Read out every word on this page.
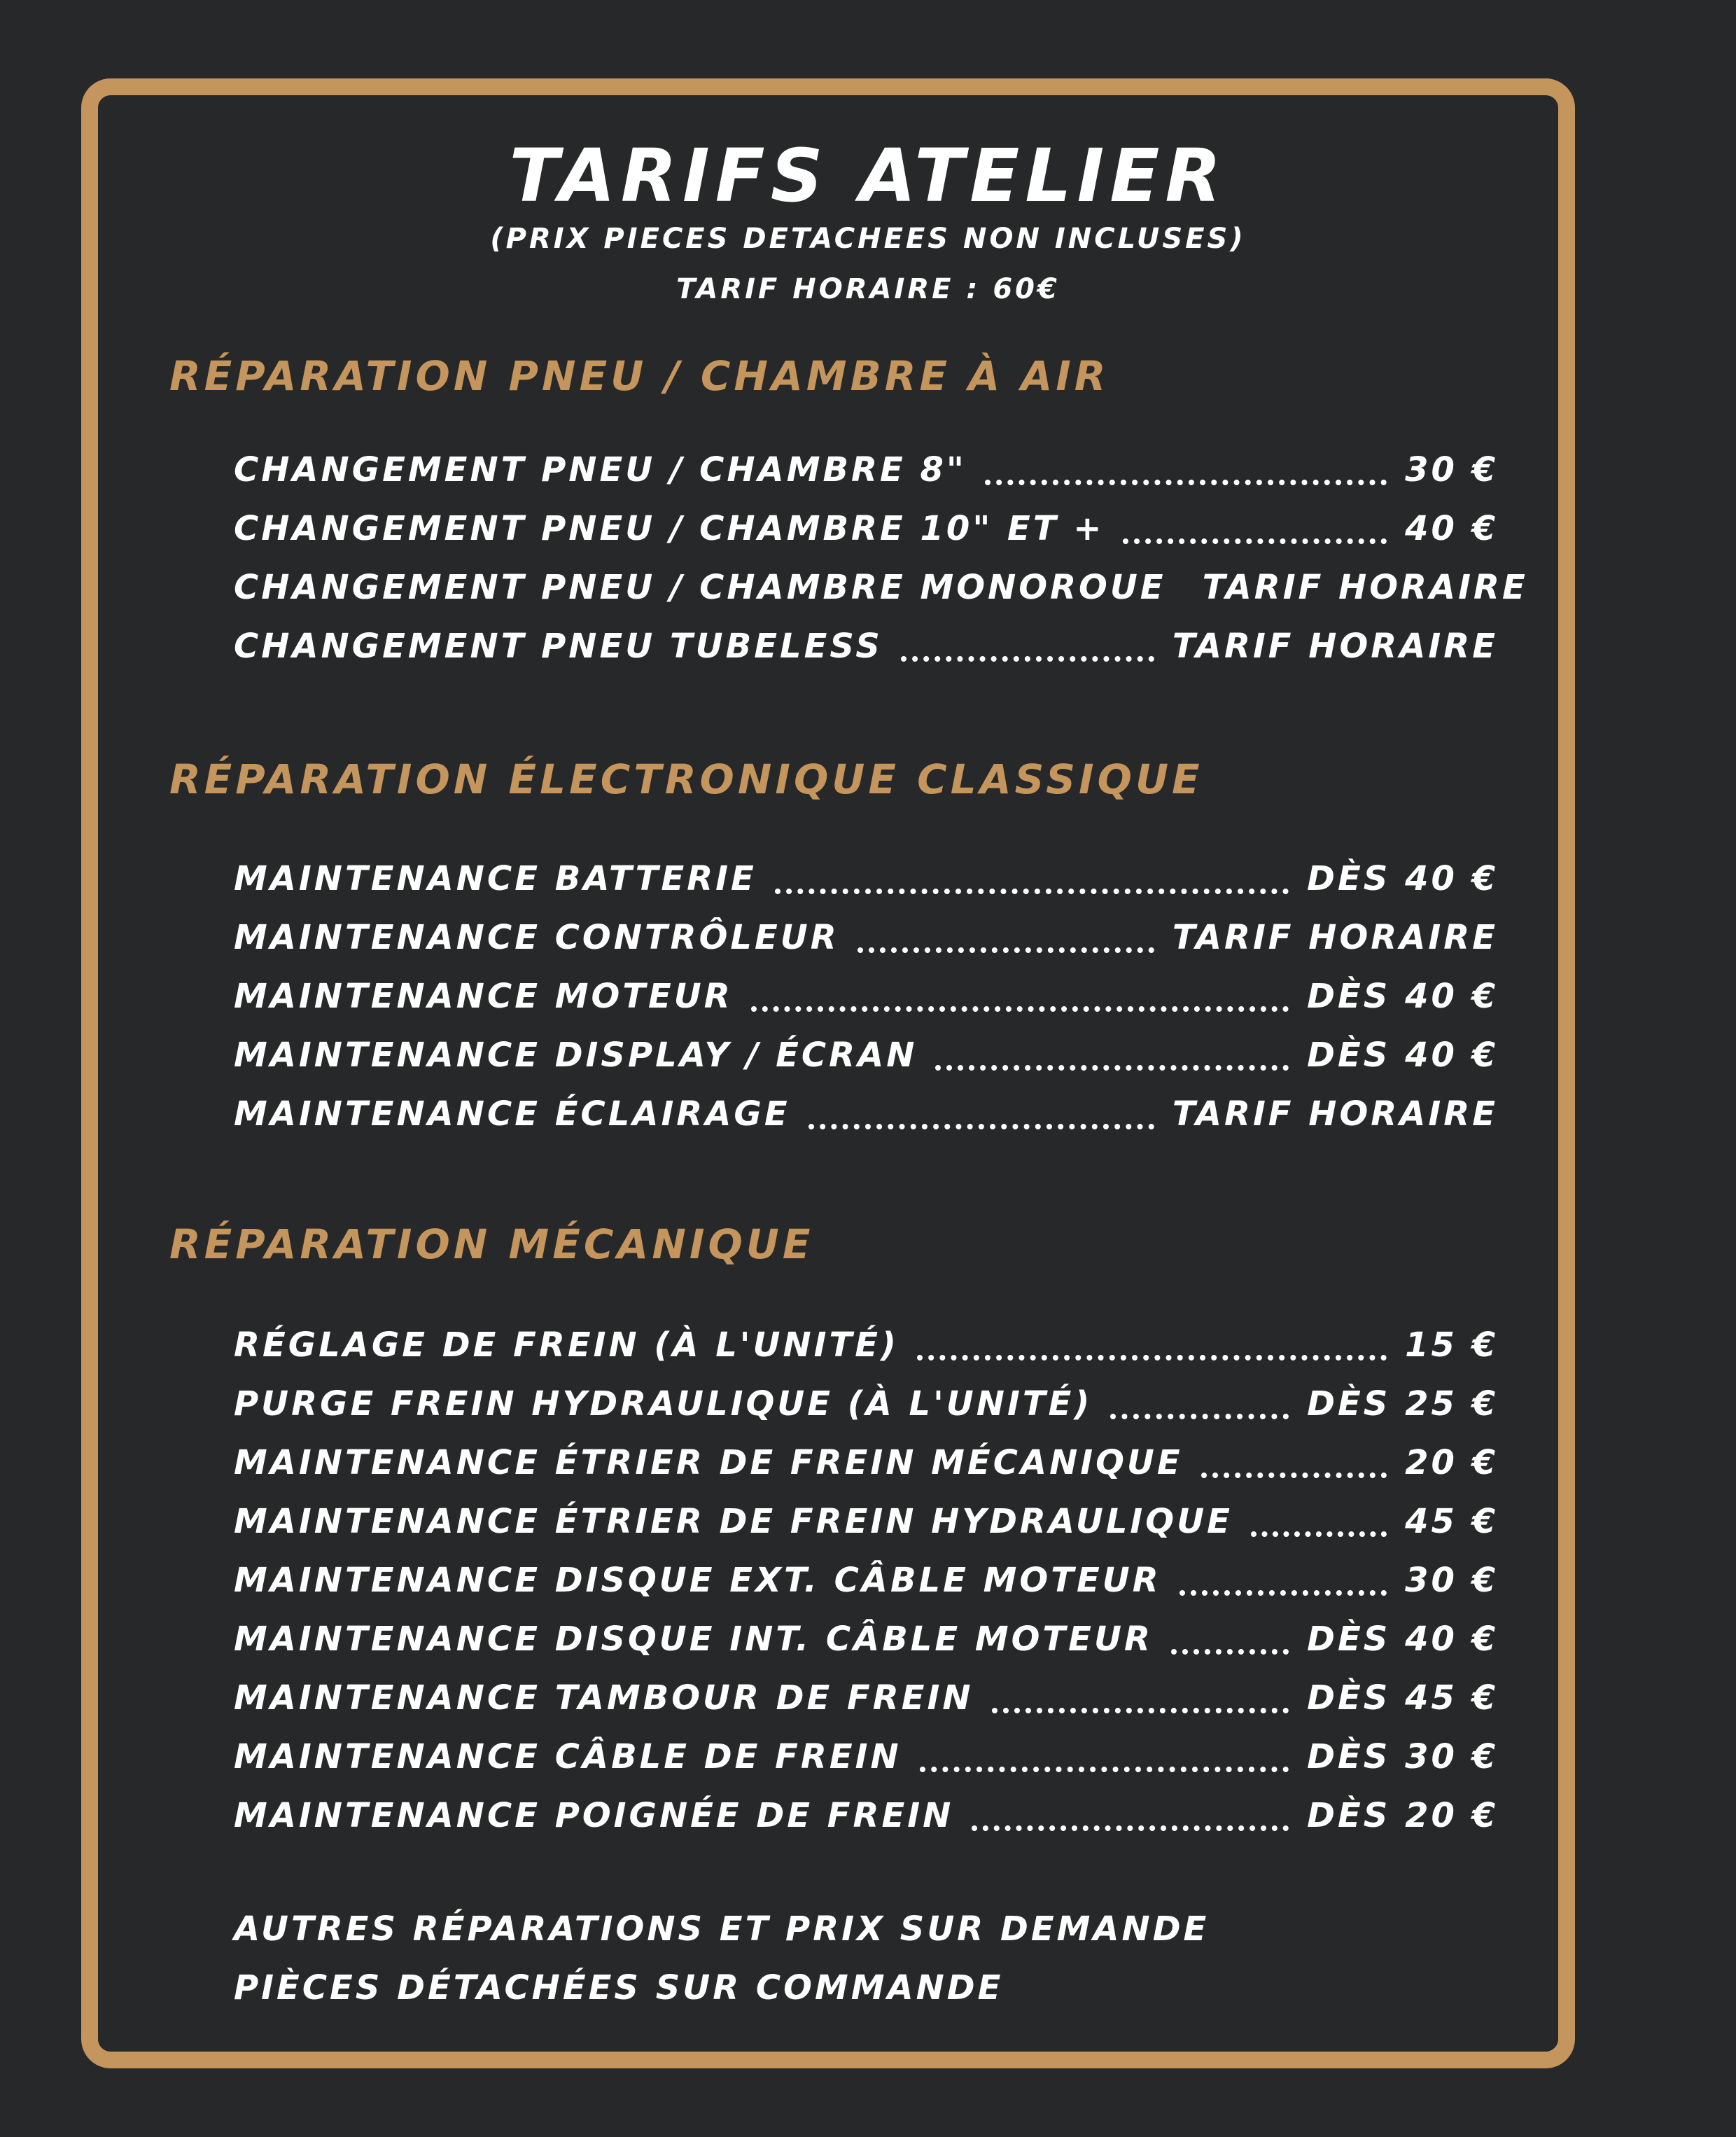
TARIFS ATELIER
(PRIX PIECES DETACHEES NON INCLUSES)
TARIF HORAIRE : 60€
RÉPARATION PNEU / CHAMBRE À AIR
CHANGEMENT PNEU / CHAMBRE 8"	30 €
CHANGEMENT PNEU / CHAMBRE 10" ET +	40 €
CHANGEMENT PNEU / CHAMBRE MONOROUE TARIF HORAIRE
CHANGEMENT PNEU TUBELESS	TARIF HORAIRE
RÉPARATION ÉLECTRONIQUE CLASSIQUE
MAINTENANCE BATTERIE	DÈS 40 €
MAINTENANCE CONTRÔLEUR	TARIF HORAIRE
MAINTENANCE MOTEUR	DÈS 40 €
MAINTENANCE DISPLAY / ÉCRAN	DÈS 40 €
MAINTENANCE ÉCLAIRAGE	TARIF HORAIRE
RÉPARATION MÉCANIQUE
RÉGLAGE DE FREIN (À L'UNITÉ)	15 €
PURGE FREIN HYDRAULIQUE (À L'UNITÉ)	DÈS 25 €
MAINTENANCE ÉTRIER DE FREIN MÉCANIQUE	20 €
MAINTENANCE ÉTRIER DE FREIN HYDRAULIQUE	45 €
MAINTENANCE DISQUE EXT. CÂBLE MOTEUR	30 €
MAINTENANCE DISQUE INT. CÂBLE MOTEUR	DÈS 40 €
MAINTENANCE TAMBOUR DE FREIN	DÈS 45 €
MAINTENANCE CÂBLE DE FREIN	DÈS 30 €
MAINTENANCE POIGNÉE DE FREIN	DÈS 20 €
AUTRES RÉPARATIONS ET PRIX SUR DEMANDE
PIÈCES DÉTACHÉES SUR COMMANDE
